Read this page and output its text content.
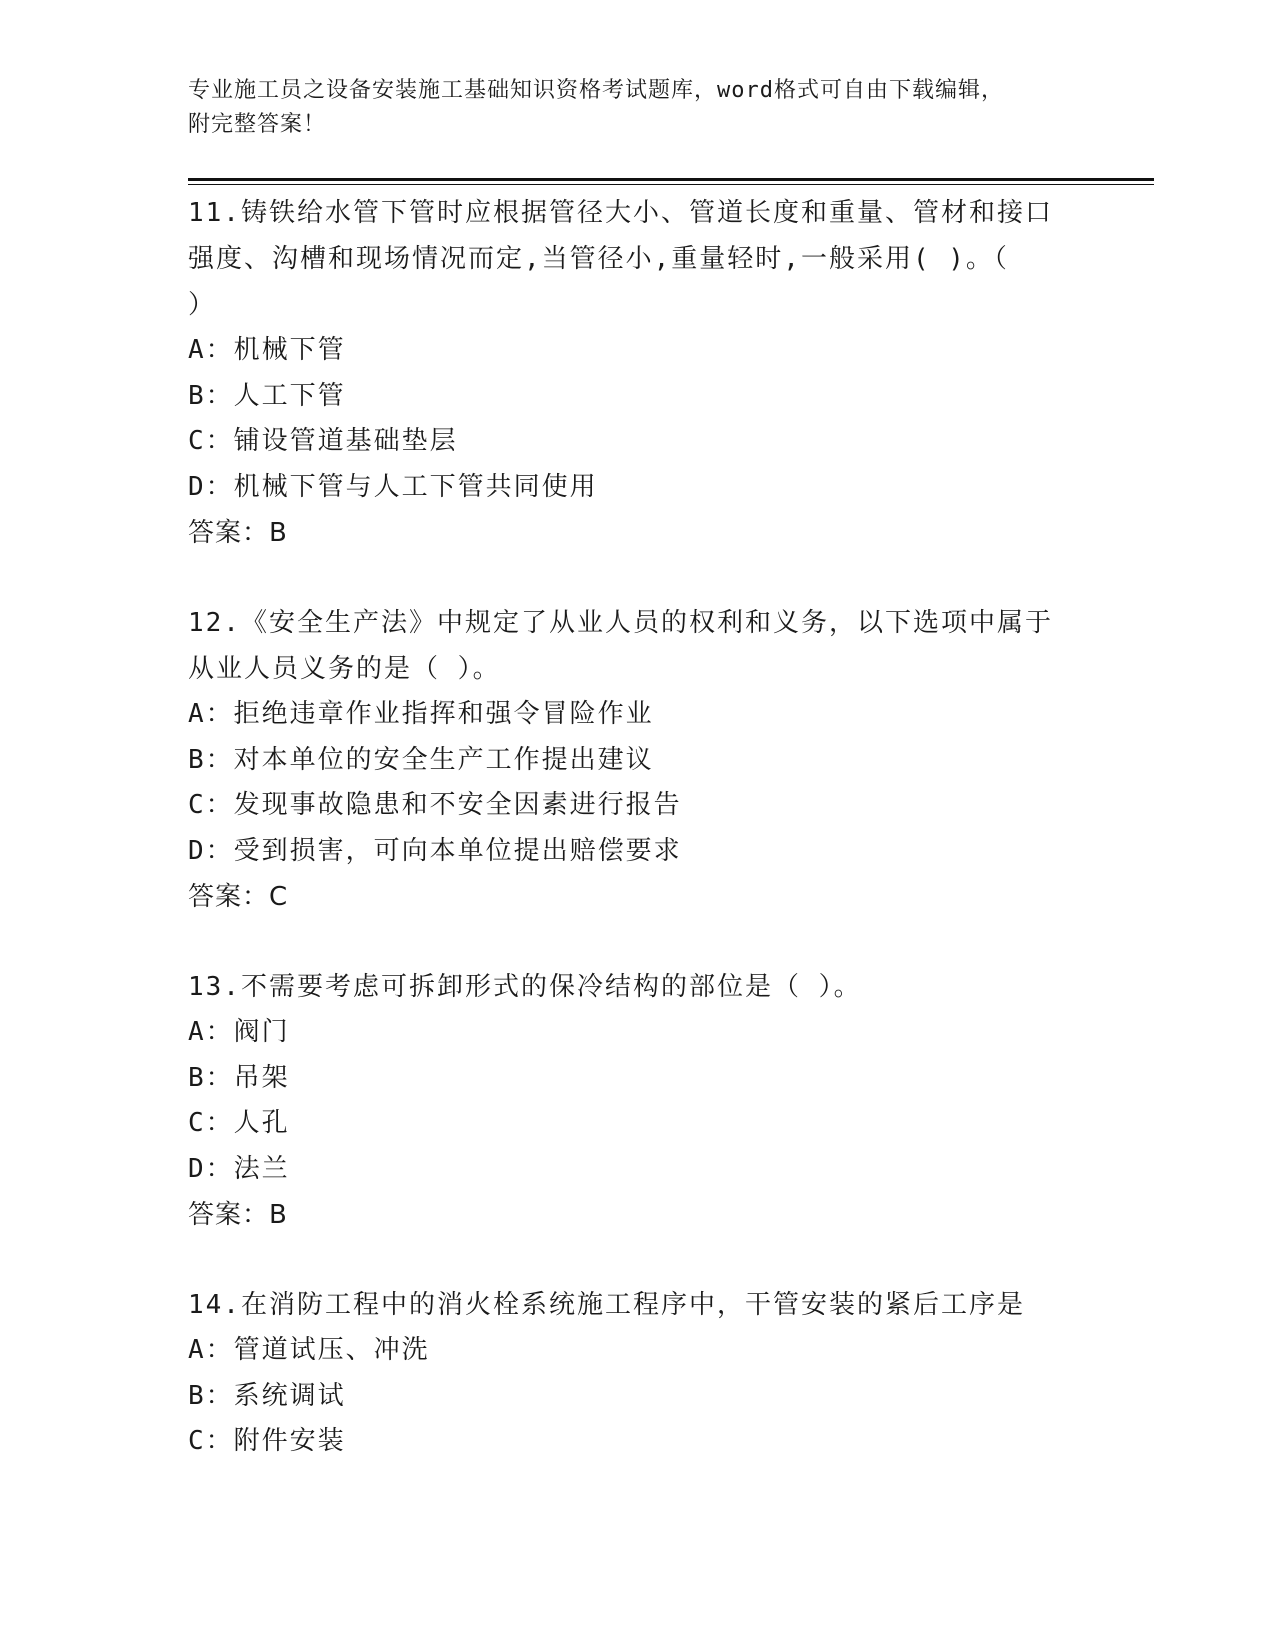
专业施工员之设备安装施工基础知识资格考试题库，word格式可自由下载编辑，
附完整答案！

11.铸铁给水管下管时应根据管径大小、管道长度和重量、管材和接口
强度、沟槽和现场情况而定,当管径小,重量轻时,一般采用( )。（
）

A：机械下管

B：人工下管

C：铺设管道基础垫层

D：机械下管与人工下管共同使用

答案：B

12.《安全生产法》中规定了从业人员的权利和义务，以下选项中属于
从业人员义务的是（ ）。

A：拒绝违章作业指挥和强令冒险作业

B：对本单位的安全生产工作提出建议

C：发现事故隐患和不安全因素进行报告

D：受到损害，可向本单位提出赔偿要求

答案：C

13.不需要考虑可拆卸形式的保冷结构的部位是（ ）。

A：阀门

B：吊架

C：人孔

D：法兰

答案：B

14.在消防工程中的消火栓系统施工程序中，干管安装的紧后工序是

A：管道试压、冲洗

B：系统调试

C：附件安装
